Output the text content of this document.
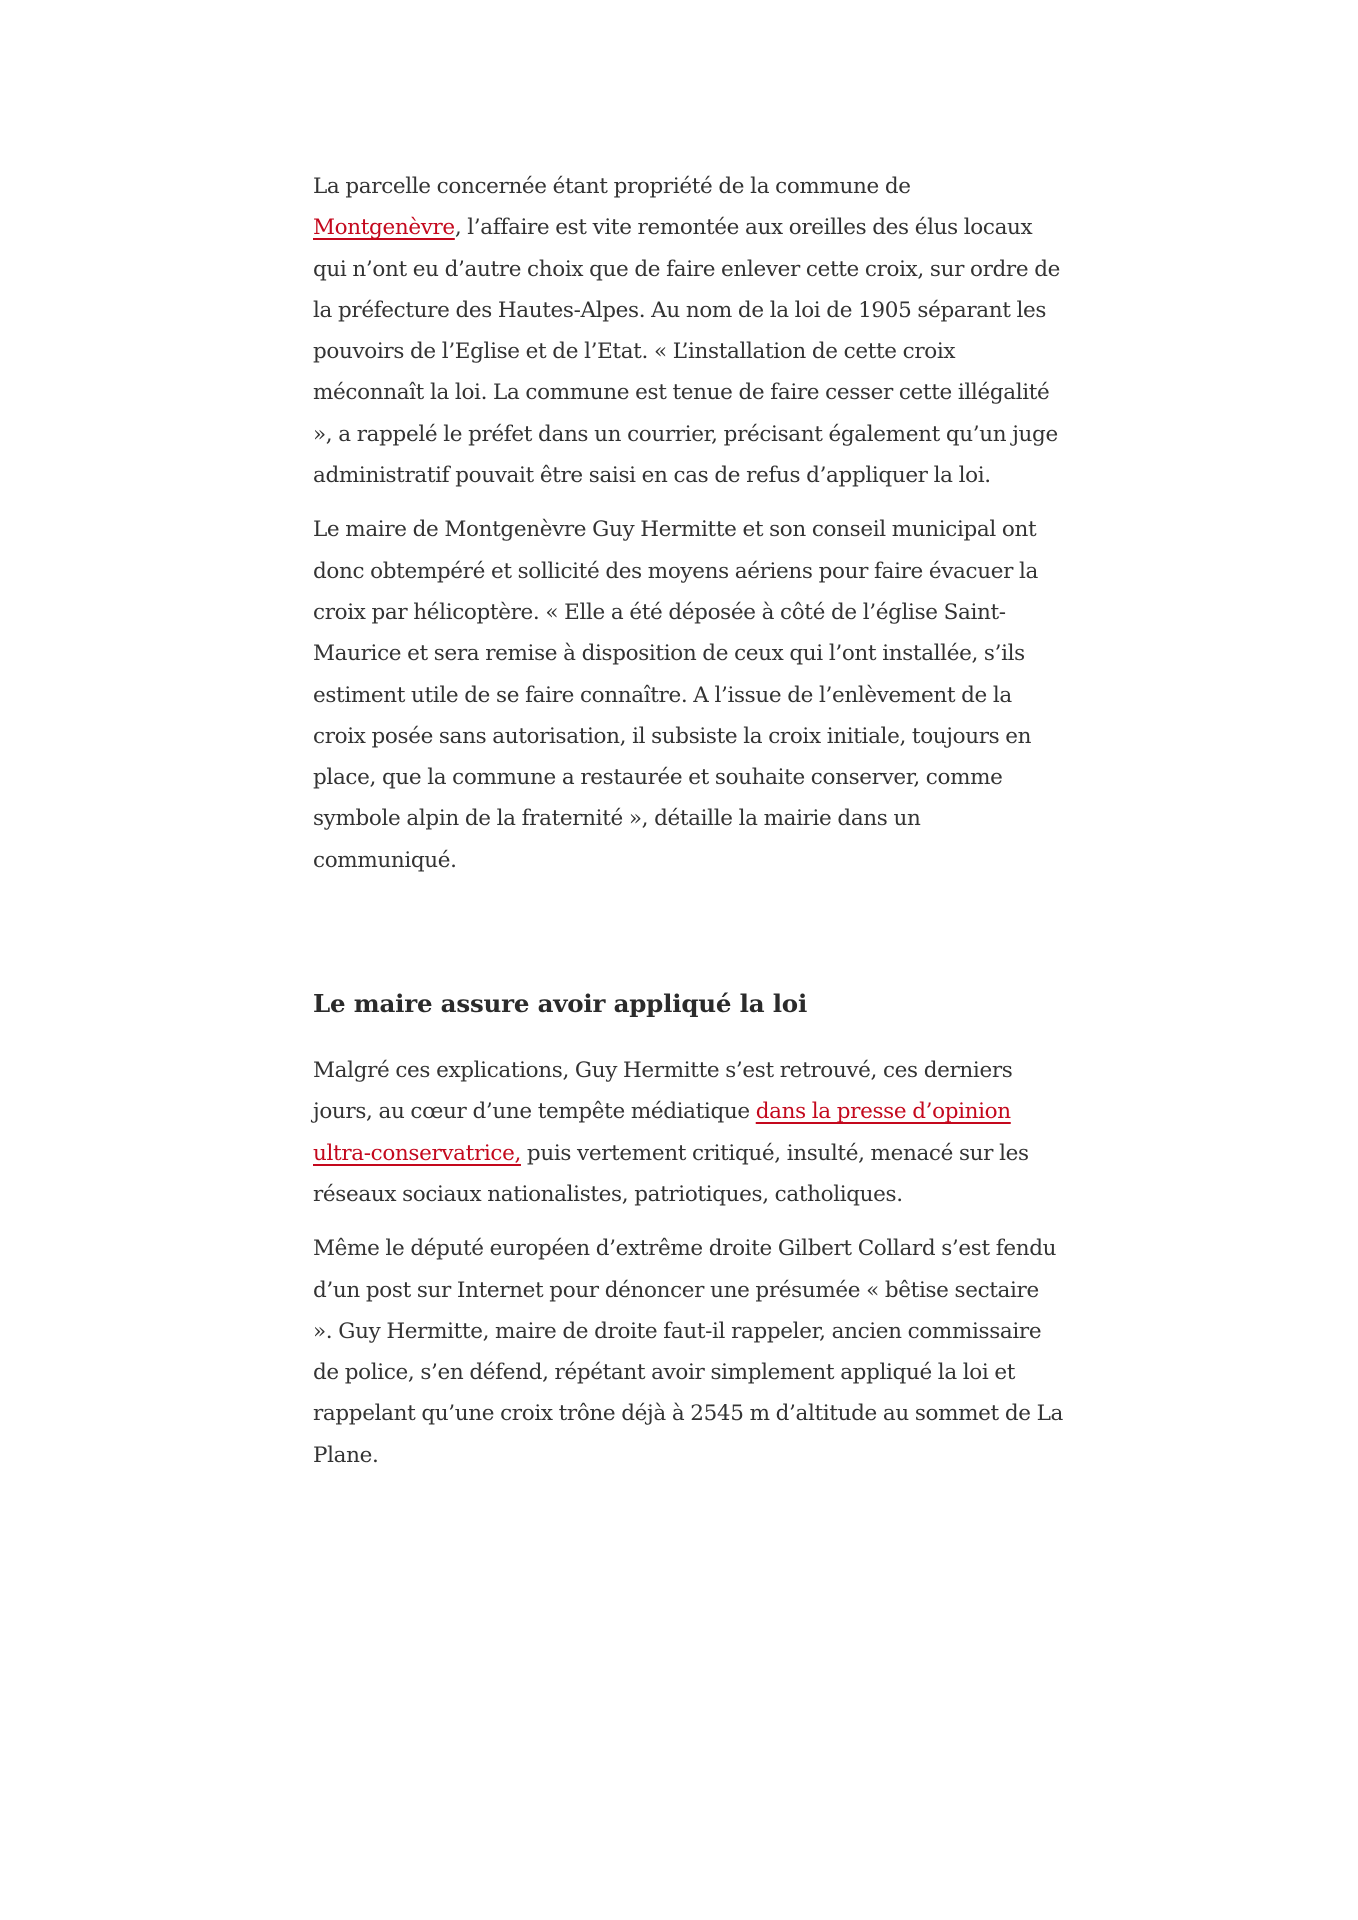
La parcelle concernée étant propriété de la commune de Montgenèvre, l’affaire est vite remontée aux oreilles des élus locaux qui n’ont eu d’autre choix que de faire enlever cette croix, sur ordre de la préfecture des Hautes-Alpes. Au nom de la loi de 1905 séparant les pouvoirs de l’Eglise et de l’Etat. « L’installation de cette croix méconnaît la loi. La commune est tenue de faire cesser cette illégalité », a rappelé le préfet dans un courrier, précisant également qu’un juge administratif pouvait être saisi en cas de refus d’appliquer la loi.

Le maire de Montgenèvre Guy Hermitte et son conseil municipal ont donc obtempéré et sollicité des moyens aériens pour faire évacuer la croix par hélicoptère. « Elle a été déposée à côté de l’église Saint-Maurice et sera remise à disposition de ceux qui l’ont installée, s’ils estiment utile de se faire connaître. A l’issue de l’enlèvement de la croix posée sans autorisation, il subsiste la croix initiale, toujours en place, que la commune a restaurée et souhaite conserver, comme symbole alpin de la fraternité », détaille la mairie dans un communiqué.

Le maire assure avoir appliqué la loi

Malgré ces explications, Guy Hermitte s’est retrouvé, ces derniers jours, au cœur d’une tempête médiatique dans la presse d’opinion ultra-conservatrice, puis vertement critiqué, insulté, menacé sur les réseaux sociaux nationalistes, patriotiques, catholiques.

Même le député européen d’extrême droite Gilbert Collard s’est fendu d’un post sur Internet pour dénoncer une présumée « bêtise sectaire ». Guy Hermitte, maire de droite faut-il rappeler, ancien commissaire de police, s’en défend, répétant avoir simplement appliqué la loi et rappelant qu’une croix trône déjà à 2545 m d’altitude au sommet de La Plane.
